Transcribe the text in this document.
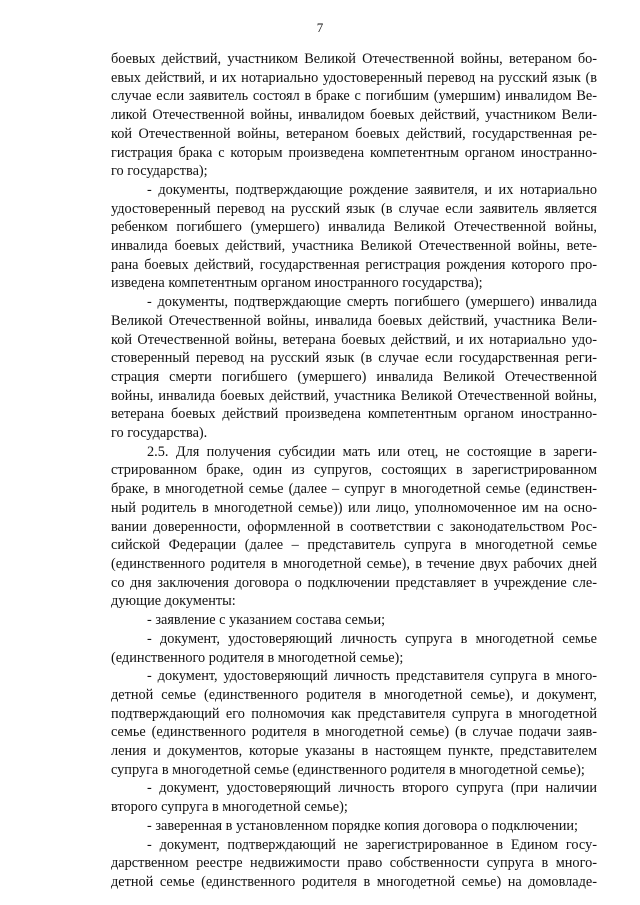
7

боевых действий, участником Великой Отечественной войны, ветераном бо-

евых действий, и их нотариально удостоверенный перевод на русский язык (в

случае если заявитель состоял в браке с погибшим (умершим) инвалидом Ве-

ликой Отечественной войны, инвалидом боевых действий, участником Вели-

кой Отечественной войны, ветераном боевых действий, государственная ре-

гистрация брака с которым произведена компетентным органом иностранно-

го государства);

- документы, подтверждающие рождение заявителя, и их нотариально

удостоверенный перевод на русский язык (в случае если заявитель является

ребенком погибшего (умершего) инвалида Великой Отечественной войны,

инвалида боевых действий, участника Великой Отечественной войны, вете-

рана боевых действий, государственная регистрация рождения которого про-

изведена компетентным органом иностранного государства);

- документы, подтверждающие смерть погибшего (умершего) инвалида

Великой Отечественной войны, инвалида боевых действий, участника Вели-

кой Отечественной войны, ветерана боевых действий, и их нотариально удо-

стоверенный перевод на русский язык (в случае если государственная реги-

страция смерти погибшего (умершего) инвалида Великой Отечественной

войны, инвалида боевых действий, участника Великой Отечественной войны,

ветерана боевых действий произведена компетентным органом иностранно-

го государства).

2.5. Для получения субсидии мать или отец, не состоящие в зареги-

стрированном браке, один из супругов, состоящих в зарегистрированном

браке, в многодетной семье (далее – супруг в многодетной семье (единствен-

ный родитель в многодетной семье)) или лицо, уполномоченное им на осно-

вании доверенности, оформленной в соответствии с законодательством Рос-

сийской Федерации (далее – представитель супруга в многодетной семье

(единственного родителя в многодетной семье), в течение двух рабочих дней

со дня заключения договора о подключении представляет в учреждение сле-

дующие документы:

- заявление с указанием состава семьи;

- документ, удостоверяющий личность супруга в многодетной семье

(единственного родителя в многодетной семье);

- документ, удостоверяющий личность представителя супруга в много-

детной семье (единственного родителя в многодетной семье), и документ,

подтверждающий его полномочия как представителя супруга в многодетной

семье (единственного родителя в многодетной семье) (в случае подачи заяв-

ления и документов, которые указаны в настоящем пункте, представителем

супруга в многодетной семье (единственного родителя в многодетной семье);

- документ, удостоверяющий личность второго супруга (при наличии

второго супруга в многодетной семье);

- заверенная в установленном порядке копия договора о подключении;

- документ, подтверждающий не зарегистрированное в Едином госу-

дарственном реестре недвижимости право собственности супруга в много-

детной семье (единственного родителя в многодетной семье) на домовладе-
